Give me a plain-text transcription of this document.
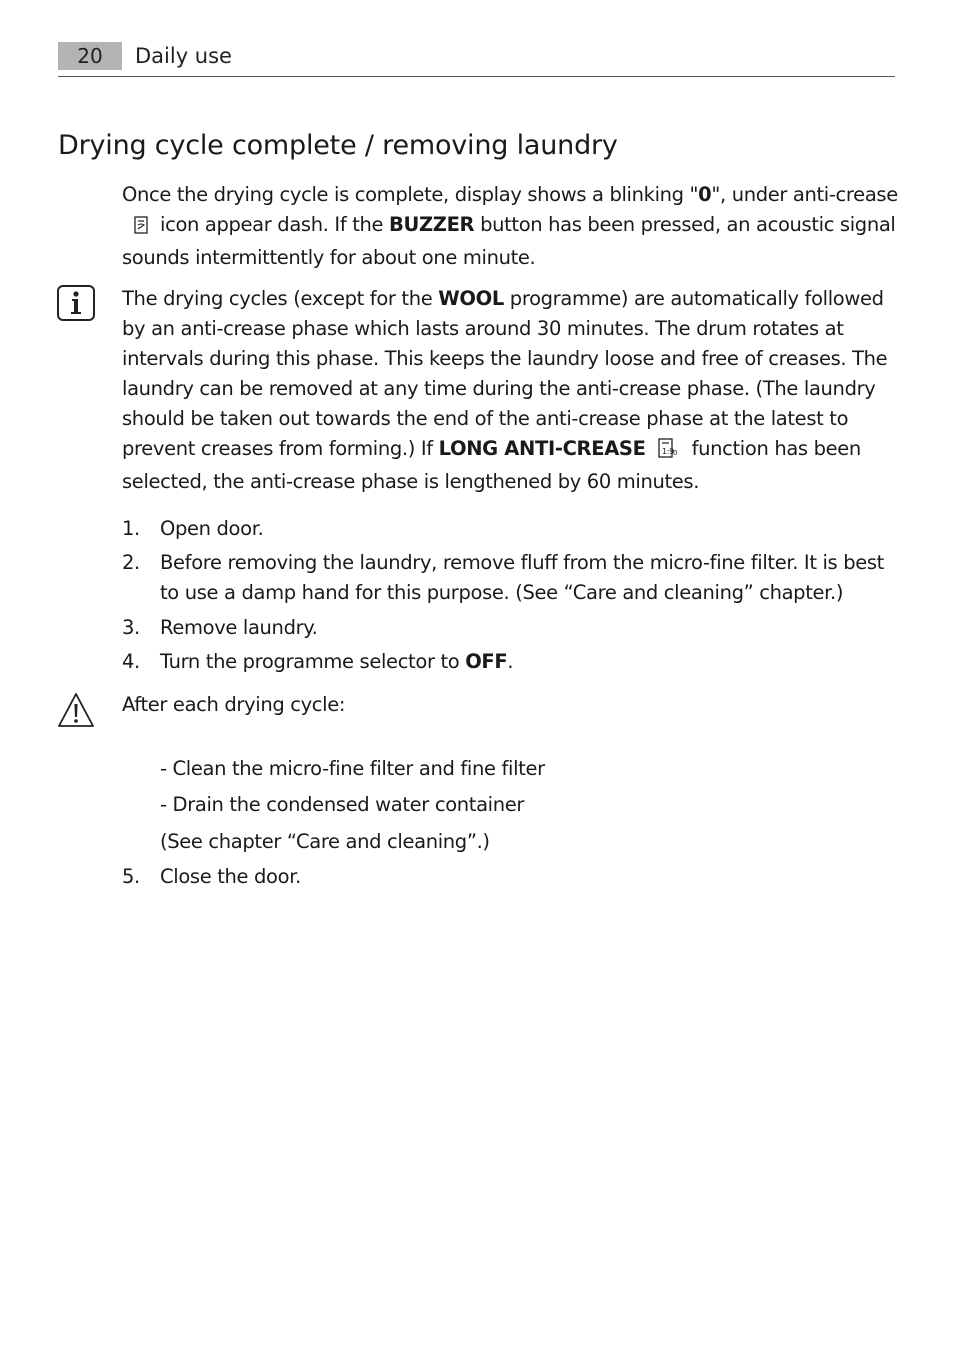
20	Daily use
Drying cycle complete / removing laundry

Once the drying cycle is complete, display shows a blinking "0", under anti-creaseicon appear dash. If the BUZZER button has been pressed, an acoustic signal sounds intermittently for about one minute.

The drying cycles (except for the WOOL programme) are automatically followed by an anti-crease phase which lasts around 30 minutes. The drum rotates at intervals during this phase. This keeps the laundry loose and free of creases. The laundry can be removed at any time during the anti-crease phase. (The laundry should be taken out towards the end of the anti-crease phase at the latest to prevent creases from forming.) If LONG ANTI-CREASE 1:9 0 function has been selected, the anti-crease phase is lengthened by 60 minutes.

1. Open door.
2. Before removing the laundry, remove fluff from the micro-fine filter. It is best to use a damp hand for this purpose. (See “Care and cleaning” chapter.)
3. Remove laundry.
4. Turn the programme selector to OFF.
After each drying cycle:
- Clean the micro-fine filter and fine filter
- Drain the condensed water container
(See chapter “Care and cleaning”.)
5. Close the door.
